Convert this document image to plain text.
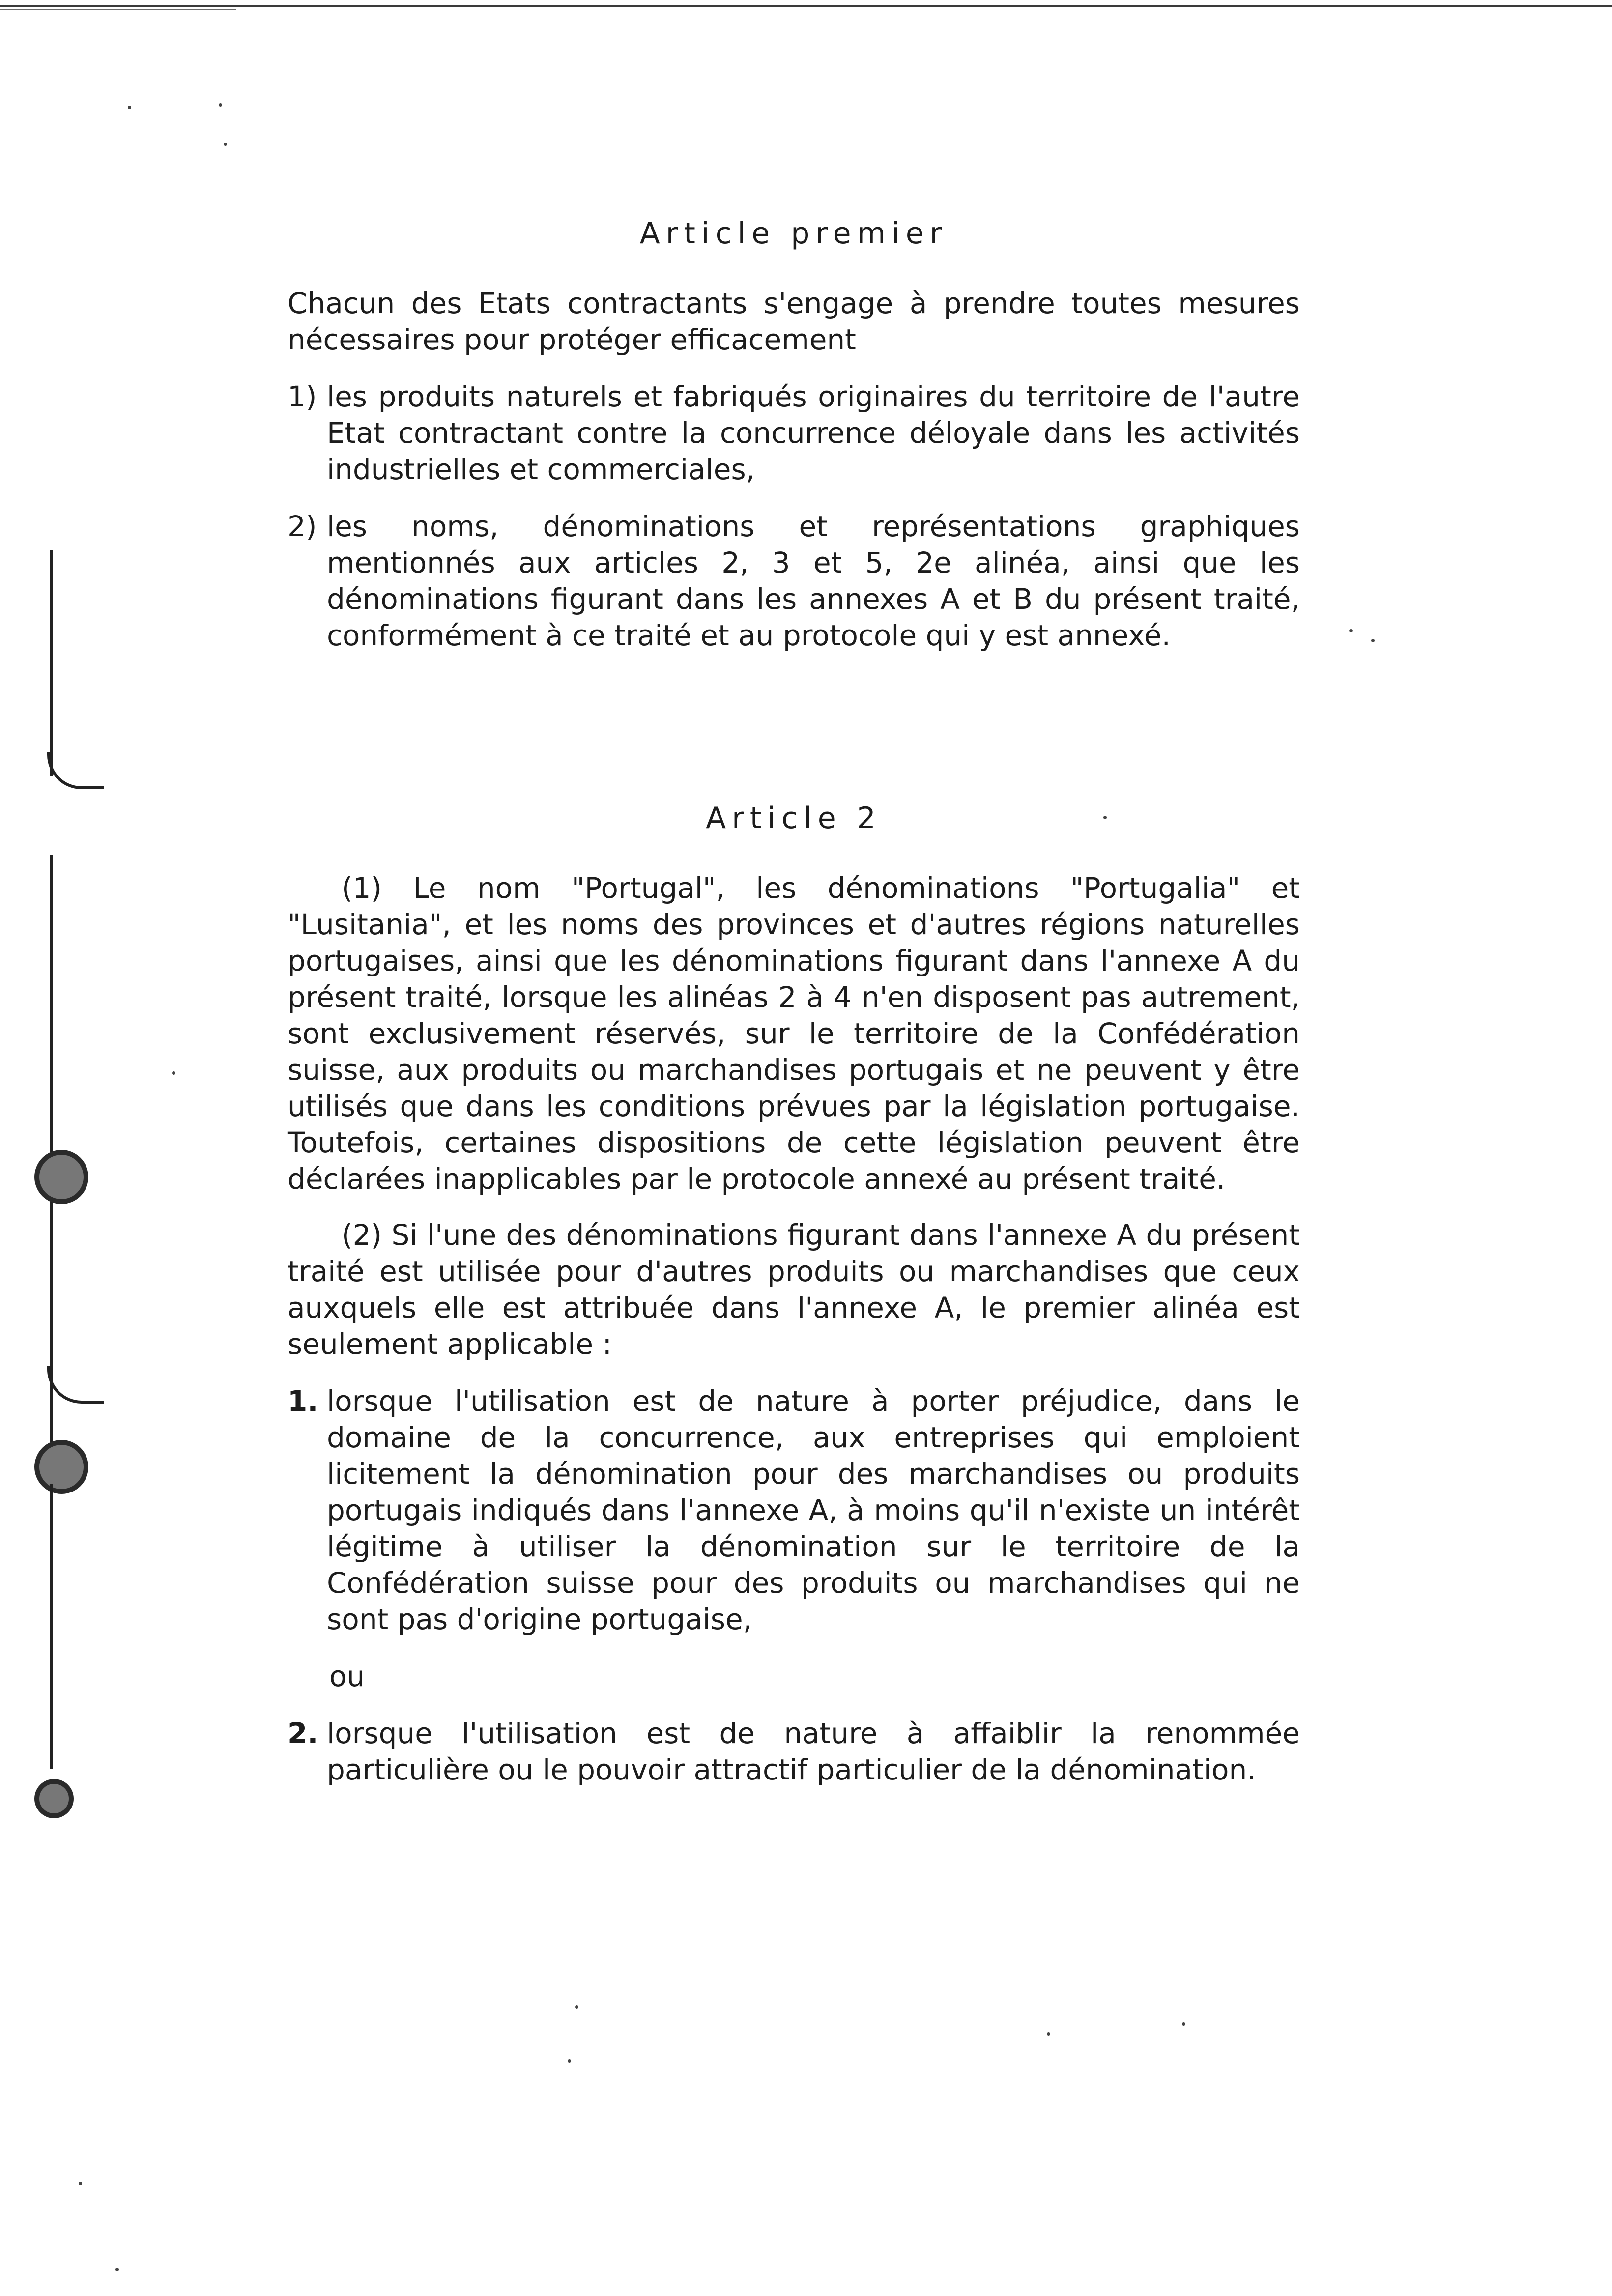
Article premier

Chacun des Etats contractants s'engage à prendre toutes mesures nécessaires pour protéger efficacement

1) les produits naturels et fabriqués originaires du territoire de l'autre Etat contractant contre la concurrence déloyale dans les activités industrielles et commerciales,

2) les noms, dénominations et représentations graphiques mentionnés aux articles 2, 3 et 5, 2e alinéa, ainsi que les dénominations figurant dans les annexes A et B du présent traité, conformément à ce traité et au protocole qui y est annexé.

Article 2

(1) Le nom "Portugal", les dénominations "Portugalia" et "Lusitania", et les noms des provinces et d'autres régions naturelles portugaises, ainsi que les dénominations figurant dans l'annexe A du présent traité, lorsque les alinéas 2 à 4 n'en disposent pas autrement, sont exclusivement réservés, sur le territoire de la Confédération suisse, aux produits ou marchandises portugais et ne peuvent y être utilisés que dans les conditions prévues par la législation portugaise. Toutefois, certaines dispositions de cette législation peuvent être déclarées inapplicables par le protocole annexé au présent traité.

(2) Si l'une des dénominations figurant dans l'annexe A du présent traité est utilisée pour d'autres produits ou marchandises que ceux auxquels elle est attribuée dans l'annexe A, le premier alinéa est seulement applicable :

1. lorsque l'utilisation est de nature à porter préjudice, dans le domaine de la concurrence, aux entreprises qui emploient licitement la dénomination pour des marchandises ou produits portugais indiqués dans l'annexe A, à moins qu'il n'existe un intérêt légitime à utiliser la dénomination sur le territoire de la Confédération suisse pour des produits ou marchandises qui ne sont pas d'origine portugaise,

ou
2. lorsque l'utilisation est de nature à affaiblir la renommée particulière ou le pouvoir attractif particulier de la dénomination.
